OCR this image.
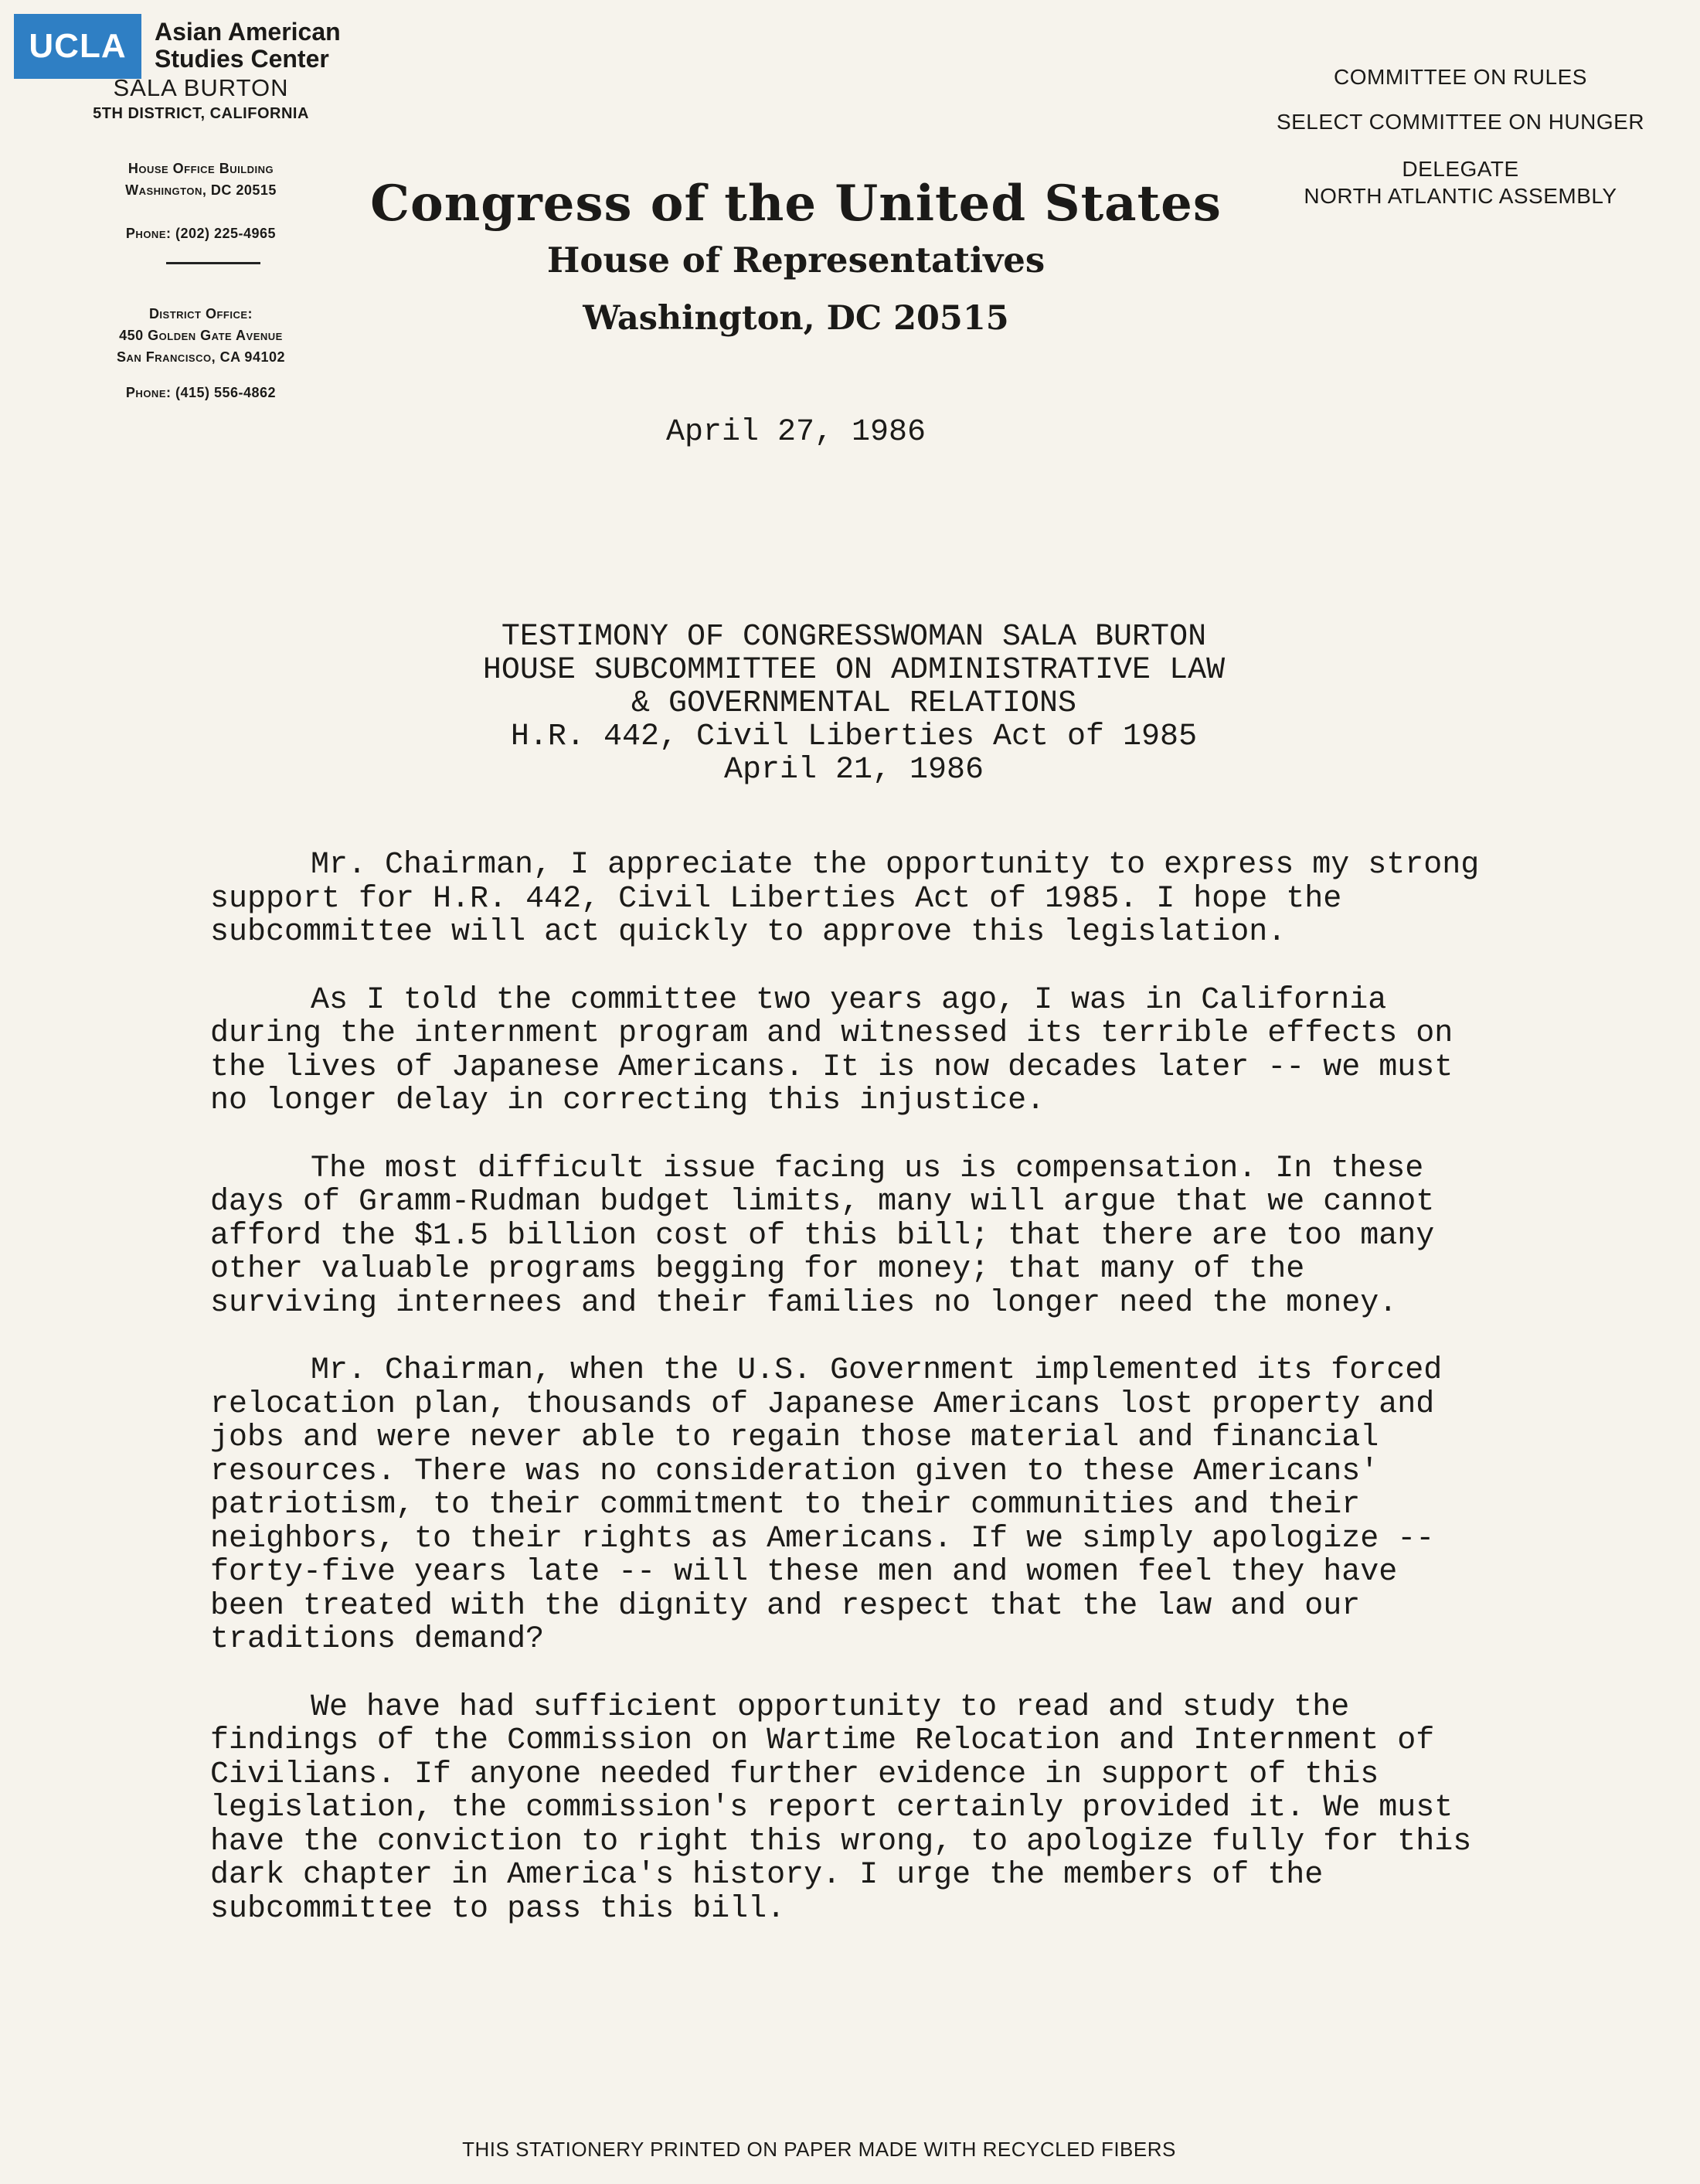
UCLA	Asian American
Studies Center
SALA BURTON
5TH DISTRICT, CALIFORNIA
House Office Building
Washington, DC 20515
Phone: (202) 225-4965
District Office:
450 Golden Gate Avenue
San Francisco, CA 94102
Phone: (415) 556-4862
COMMITTEE ON RULES
SELECT COMMITTEE ON HUNGER
DELEGATE
NORTH ATLANTIC ASSEMBLY
Congress of the United States
House of Representatives
Washington, DC 20515
April 27, 1986
TESTIMONY OF CONGRESSWOMAN SALA BURTON
HOUSE SUBCOMMITTEE ON ADMINISTRATIVE LAW
& GOVERNMENTAL RELATIONS
H.R. 442, Civil Liberties Act of 1985
April 21, 1986

Mr. Chairman, I appreciate the opportunity to express my strong
support for H.R. 442, Civil Liberties Act of 1985. I hope the
subcommittee will act quickly to approve this legislation.

As I told the committee two years ago, I was in California
during the internment program and witnessed its terrible effects on
the lives of Japanese Americans. It is now decades later -- we must
no longer delay in correcting this injustice.

The most difficult issue facing us is compensation. In these
days of Gramm-Rudman budget limits, many will argue that we cannot
afford the $1.5 billion cost of this bill; that there are too many
other valuable programs begging for money; that many of the
surviving internees and their families no longer need the money.

Mr. Chairman, when the U.S. Government implemented its forced
relocation plan, thousands of Japanese Americans lost property and
jobs and were never able to regain those material and financial
resources. There was no consideration given to these Americans'
patriotism, to their commitment to their communities and their
neighbors, to their rights as Americans. If we simply apologize --
forty-five years late -- will these men and women feel they have
been treated with the dignity and respect that the law and our
traditions demand?

We have had sufficient opportunity to read and study the
findings of the Commission on Wartime Relocation and Internment of
Civilians. If anyone needed further evidence in support of this
legislation, the commission's report certainly provided it. We must
have the conviction to right this wrong, to apologize fully for this
dark chapter in America's history. I urge the members of the
subcommittee to pass this bill.

THIS STATIONERY PRINTED ON PAPER MADE WITH RECYCLED FIBERS
